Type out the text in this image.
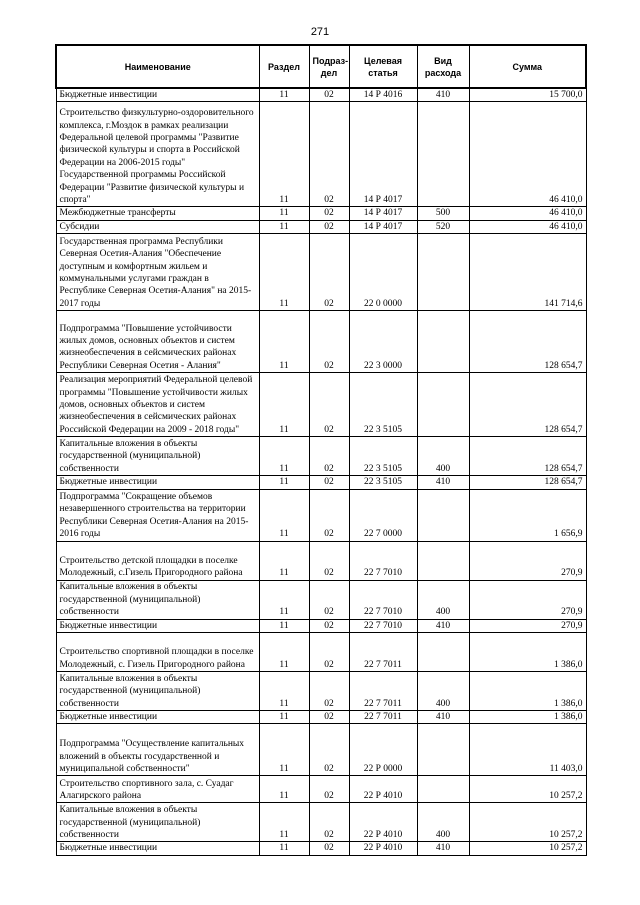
271
Наименование	Раздел	Подраз-дел	Целевая статья	Вид расхода	Сумма
Бюджетные инвестиции	11	02	14 Р 4016	410	15 700,0
Строительство физкультурно-оздоровительного комплекса, г.Моздок в рамках реализации Федеральной целевой программы "Развитие физической культуры и спорта в Российской Федерации на 2006-2015 годы" Государственной программы Российской Федерации "Развитие физической культуры и спорта"	11	02	14 Р 4017		46 410,0
Межбюджетные трансферты	11	02	14 Р 4017	500	46 410,0
Субсидии	11	02	14 Р 4017	520	46 410,0
Государственная программа Республики Северная Осетия-Алания "Обеспечение доступным и комфортным жильем и коммунальными услугами граждан в Республике Северная Осетия-Алания" на 2015-2017 годы	11	02	22 0 0000		141 714,6
Подпрограмма "Повышение устойчивости жилых домов, основных объектов и систем жизнеобеспечения в сейсмических районах Республики Северная Осетия - Алания"	11	02	22 3 0000		128 654,7
Реализация мероприятий Федеральной целевой программы "Повышение устойчивости жилых домов, основных объектов и систем жизнеобеспечения в сейсмических районах Российской Федерации на 2009 - 2018 годы"	11	02	22 3 5105		128 654,7
Капитальные вложения в объекты государственной (муниципальной) собственности	11	02	22 3 5105	400	128 654,7
Бюджетные инвестиции	11	02	22 3 5105	410	128 654,7
Подпрограмма "Сокращение объемов незавершенного строительства на территории Республики Северная Осетия-Алания на 2015-2016 годы	11	02	22 7 0000		1 656,9
Строительство детской площадки в поселке Молодежный, с.Гизель Пригородного района	11	02	22 7 7010		270,9
Капитальные вложения в объекты государственной (муниципальной) собственности	11	02	22 7 7010	400	270,9
Бюджетные инвестиции	11	02	22 7 7010	410	270,9
Строительство спортивной площадки в поселке Молодежный, с. Гизель Пригородного района	11	02	22 7 7011		1 386,0
Капитальные вложения в объекты государственной (муниципальной) собственности	11	02	22 7 7011	400	1 386,0
Бюджетные инвестиции	11	02	22 7 7011	410	1 386,0
Подпрограмма "Осуществление капитальных вложений в объекты государственной и муниципальной собственности"	11	02	22 Р 0000		11 403,0
Строительство спортивного зала, с. Суадаг Алагирского района	11	02	22 Р 4010		10 257,2
Капитальные вложения в объекты государственной (муниципальной) собственности	11	02	22 Р 4010	400	10 257,2
Бюджетные инвестиции	11	02	22 Р 4010	410	10 257,2
